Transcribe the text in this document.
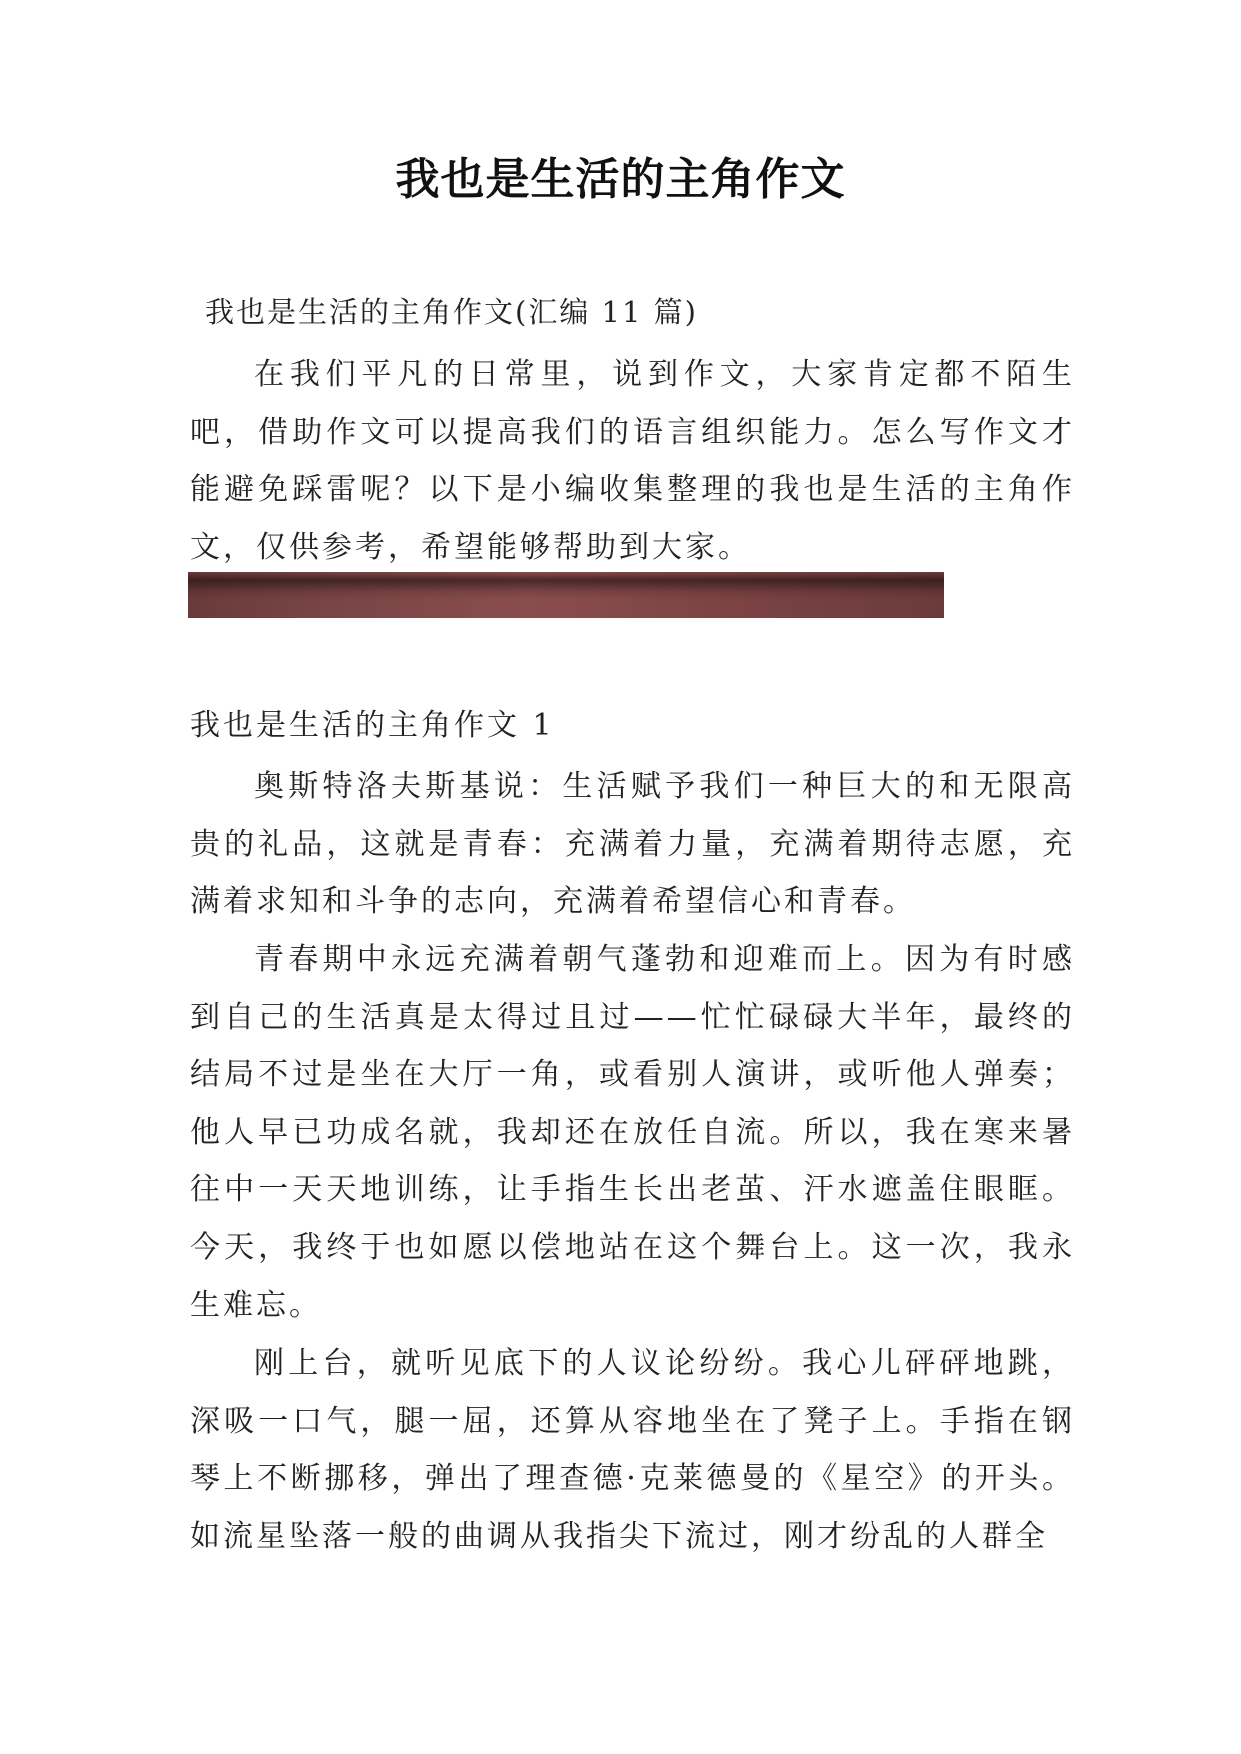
我也是生活的主角作文
我也是生活的主角作文(汇编 11 篇)

在我们平凡的日常里，说到作文，大家肯定都不陌生吧，借助作文可以提高我们的语言组织能力。怎么写作文才能避免踩雷呢？以下是小编收集整理的我也是生活的主角作文，仅供参考，希望能够帮助到大家。

我也是生活的主角作文 1

奥斯特洛夫斯基说：生活赋予我们一种巨大的和无限高贵的礼品，这就是青春：充满着力量，充满着期待志愿，充满着求知和斗争的志向，充满着希望信心和青春。

青春期中永远充满着朝气蓬勃和迎难而上。因为有时感到自己的生活真是太得过且过——忙忙碌碌大半年，最终的结局不过是坐在大厅一角，或看别人演讲，或听他人弹奏；他人早已功成名就，我却还在放任自流。所以，我在寒来暑往中一天天地训练，让手指生长出老茧、汗水遮盖住眼眶。今天，我终于也如愿以偿地站在这个舞台上。这一次，我永生难忘。

刚上台，就听见底下的人议论纷纷。我心儿砰砰地跳，深吸一口气，腿一屈，还算从容地坐在了凳子上。手指在钢琴上不断挪移，弹出了理查德·克莱德曼的《星空》的开头。如流星坠落一般的曲调从我指尖下流过，刚才纷乱的人群全
